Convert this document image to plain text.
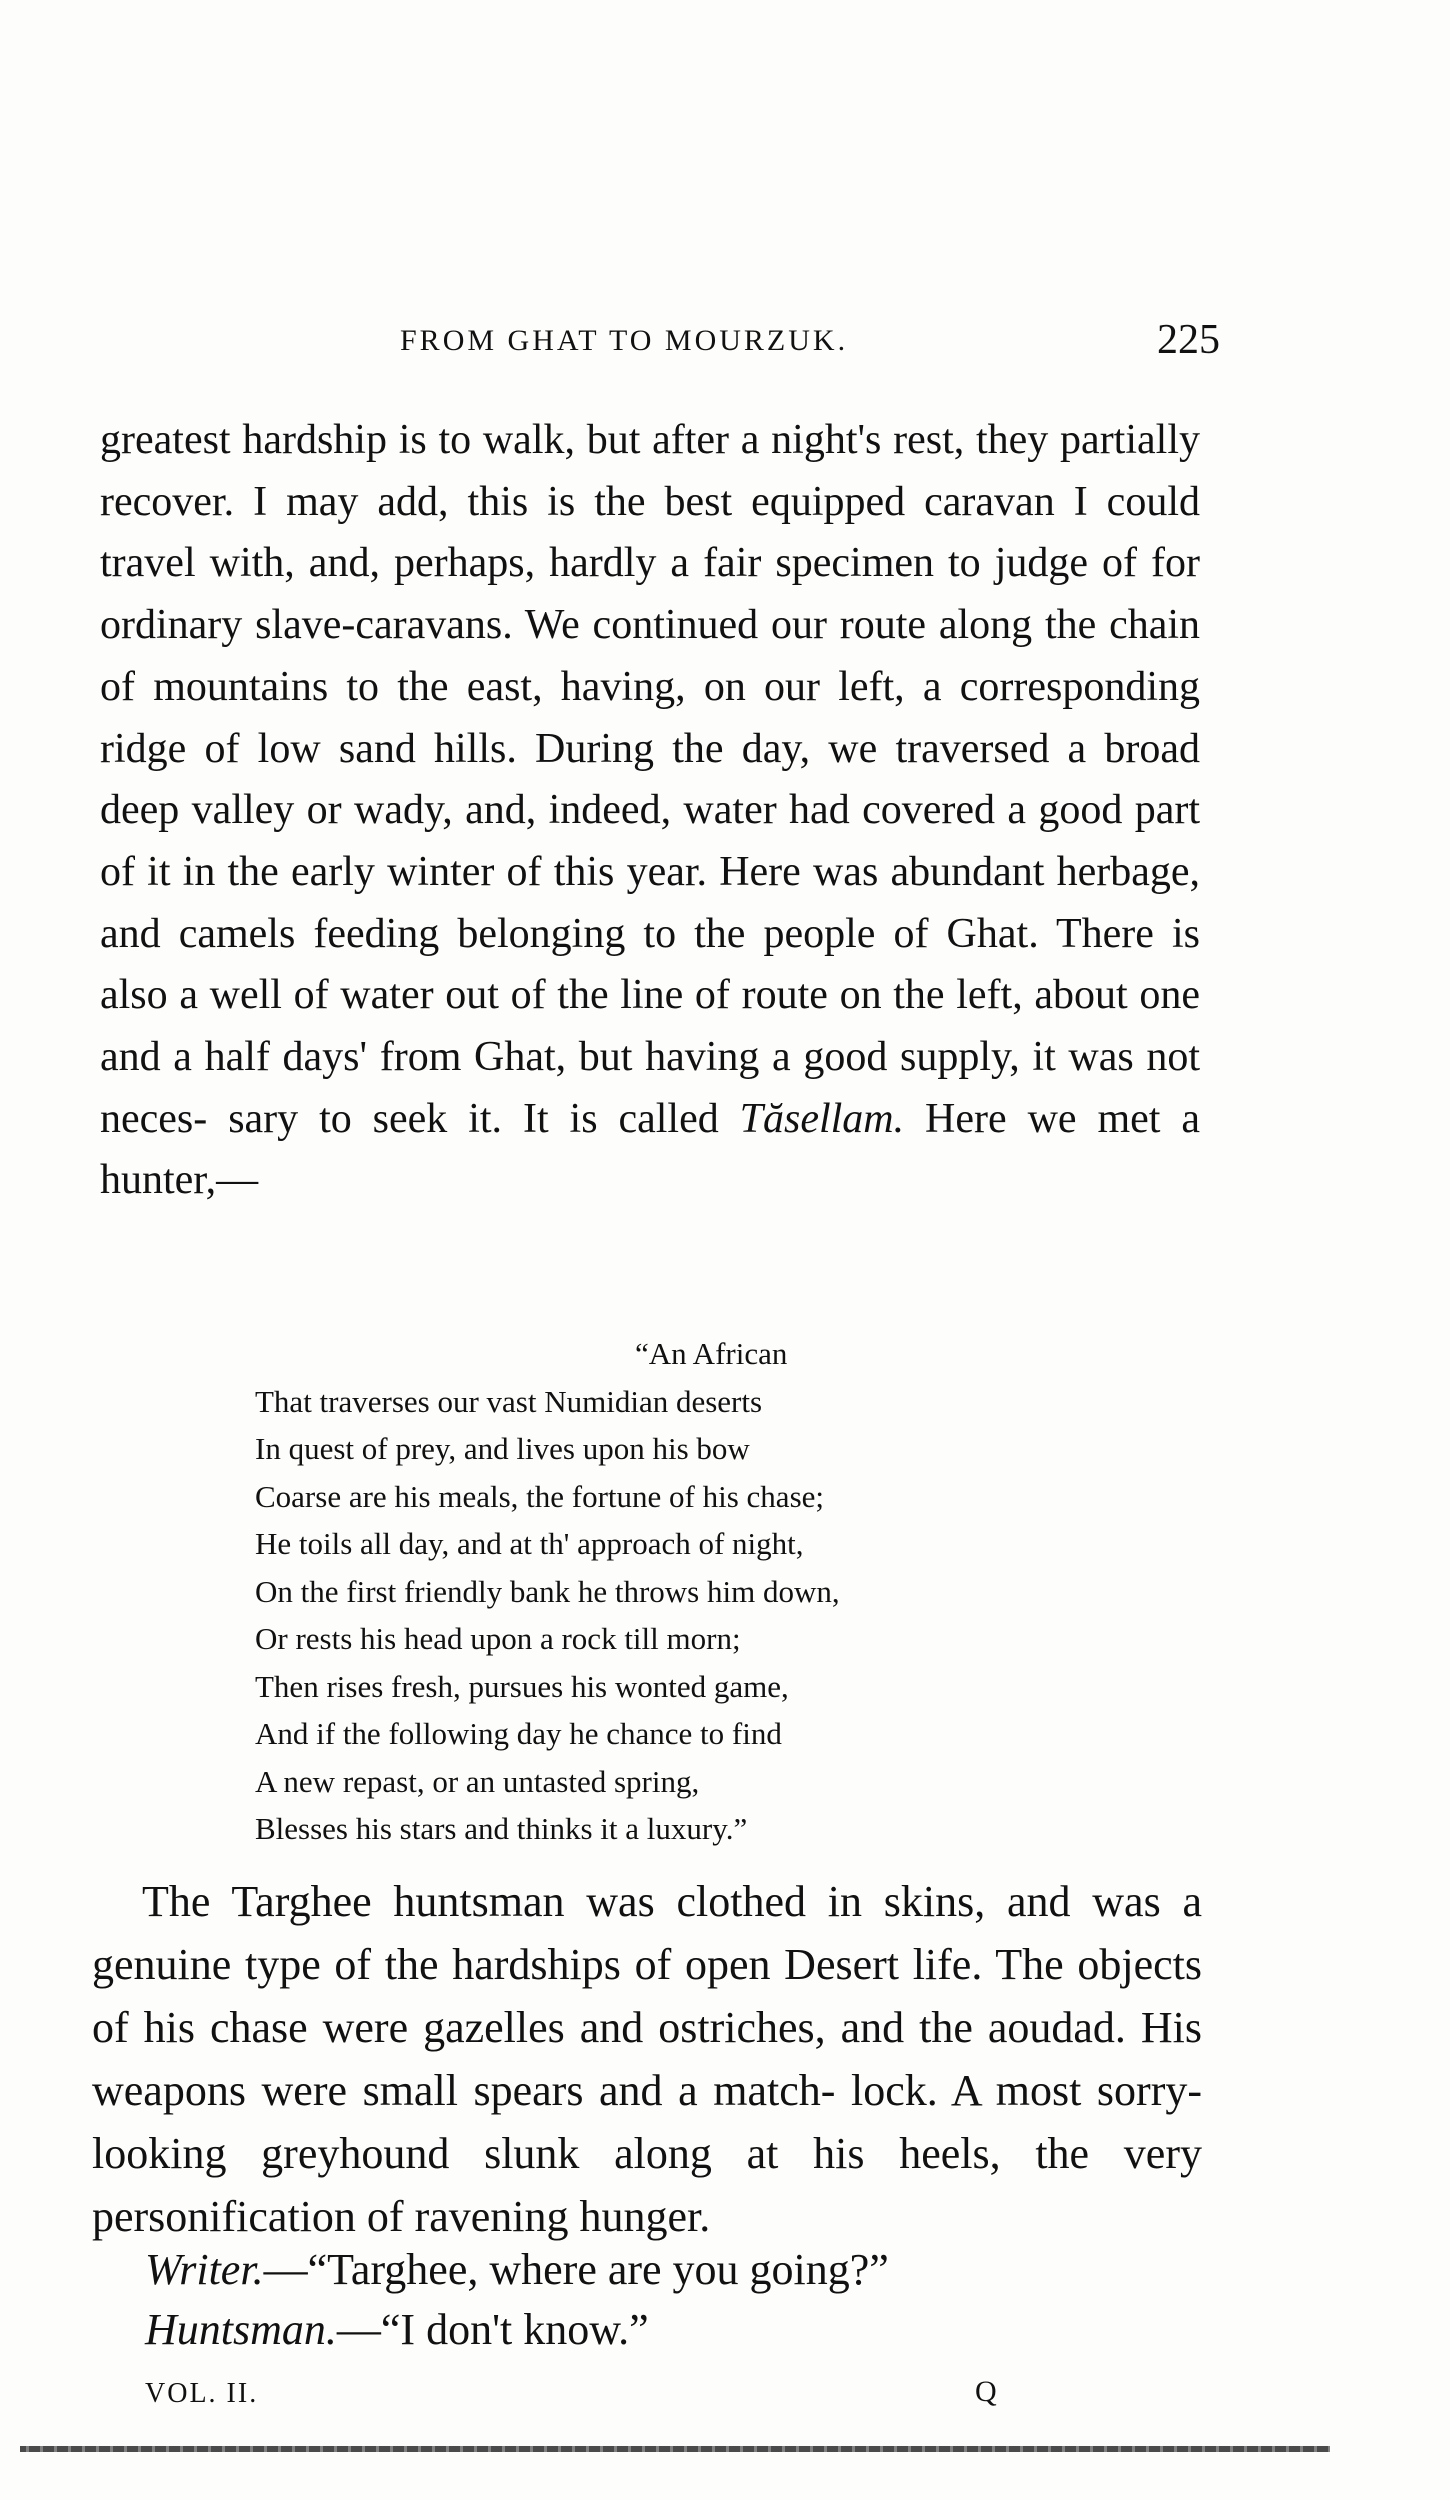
FROM GHAT TO MOURZUK.	225
greatest hardship is to walk, but after a night's rest, they partially recover. I may add, this is the best equipped caravan I could travel with, and, perhaps, hardly a fair specimen to judge of for ordinary slave-caravans. We continued our route along the chain of mountains to the east, having, on our left, a corresponding ridge of low sand hills. During the day, we traversed a broad deep valley or wady, and, indeed, water had covered a good part of it in the early winter of this year. Here was abundant herbage, and camels feeding belonging to the people of Ghat. There is also a well of water out of the line of route on the left, about one and a half days' from Ghat, but having a good supply, it was not neces- sary to seek it. It is called Tăsellam. Here we met a hunter,—
“An African
That traverses our vast Numidian deserts
In quest of prey, and lives upon his bow
Coarse are his meals, the fortune of his chase;
He toils all day, and at th' approach of night,
On the first friendly bank he throws him down,
Or rests his head upon a rock till morn;
Then rises fresh, pursues his wonted game,
And if the following day he chance to find
A new repast, or an untasted spring,
Blesses his stars and thinks it a luxury.”
The Targhee huntsman was clothed in skins, and was a genuine type of the hardships of open Desert life. The objects of his chase were gazelles and ostriches, and the aoudad. His weapons were small spears and a match- lock. A most sorry-looking greyhound slunk along at his heels, the very personification of ravening hunger.
Writer.—“Targhee, where are you going?”
Huntsman.—“I don't know.”
VOL. II.	Q
